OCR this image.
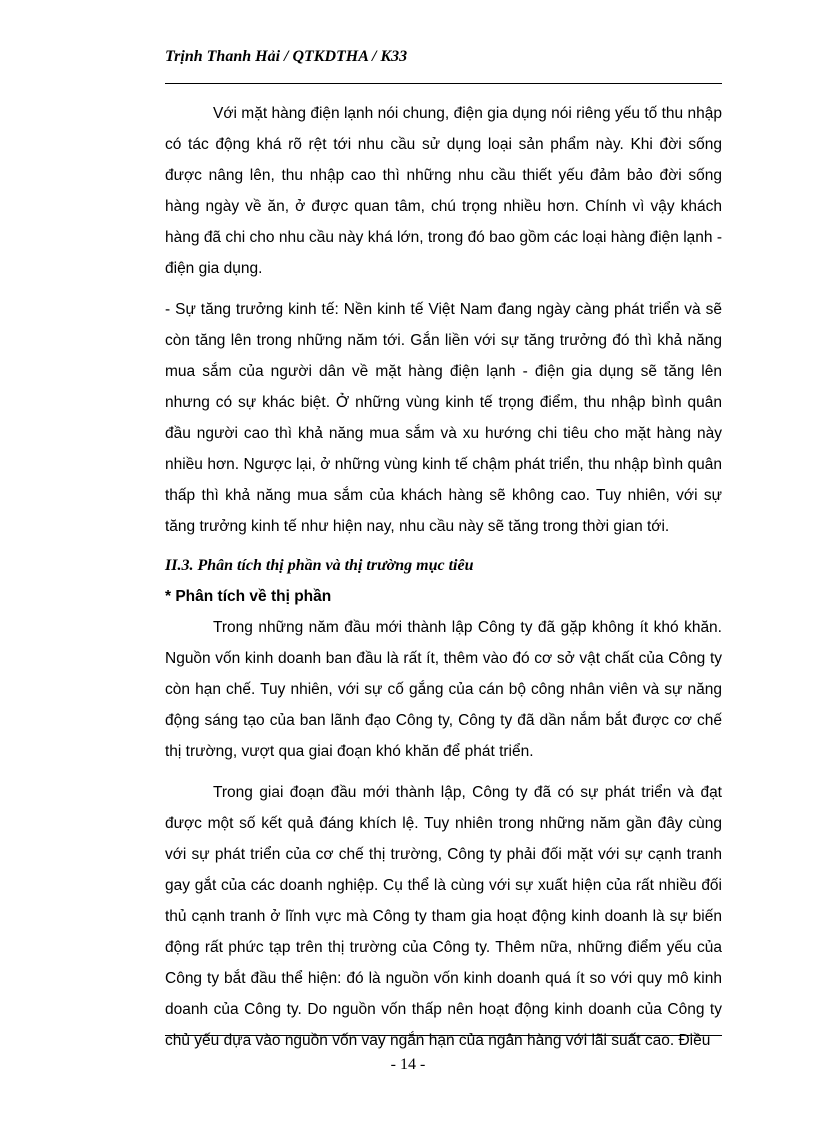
Trịnh Thanh Hải / QTKDTHA / K33

Với mặt hàng điện lạnh nói chung, điện gia dụng nói riêng yếu tố thu nhập có tác động khá rõ rệt tới nhu cầu sử dụng loại sản phẩm này. Khi đời sống được nâng lên, thu nhập cao thì những nhu cầu thiết yếu đảm bảo đời sống hàng ngày về ăn, ở được quan tâm, chú trọng nhiều hơn. Chính vì vậy khách hàng đã chi cho nhu cầu này khá lớn, trong đó bao gồm các loại hàng điện lạnh - điện gia dụng.

- Sự tăng trưởng kinh tế: Nền kinh tế Việt Nam đang ngày càng phát triển và sẽ còn tăng lên trong những năm tới. Gắn liền với sự tăng trưởng đó thì khả năng mua sắm của người dân về mặt hàng điện lạnh - điện gia dụng sẽ tăng lên nhưng có sự khác biệt. Ở những vùng kinh tế trọng điểm, thu nhập bình quân đầu người cao thì khả năng mua sắm và xu hướng chi tiêu cho mặt hàng này nhiều hơn. Ngược lại, ở những vùng kinh tế chậm phát triển, thu nhập bình quân thấp thì khả năng mua sắm của khách hàng sẽ không cao. Tuy nhiên, với sự tăng trưởng kinh tế như hiện nay, nhu cầu này sẽ tăng trong thời gian tới.

II.3. Phân tích thị phần và thị trường mục tiêu

* Phân tích về thị phần

Trong những năm đầu mới thành lập Công ty đã gặp không ít khó khăn. Nguồn vốn kinh doanh ban đầu là rất ít, thêm vào đó cơ sở vật chất của Công ty còn hạn chế. Tuy nhiên, với sự cố gắng của cán bộ công nhân viên và sự năng động sáng tạo của ban lãnh đạo Công ty, Công ty đã dần nắm bắt được cơ chế thị trường, vượt qua giai đoạn khó khăn để phát triển.

Trong giai đoạn đầu mới thành lập, Công ty đã có sự phát triển và đạt được một số kết quả đáng khích lệ. Tuy nhiên trong những năm gần đây cùng với sự phát triển của cơ chế thị trường, Công ty phải đối mặt với sự cạnh tranh gay gắt của các doanh nghiệp. Cụ thể là cùng với sự xuất hiện của rất nhiều đối thủ cạnh tranh ở lĩnh vực mà Công ty tham gia hoạt động kinh doanh là sự biến động rất phức tạp trên thị trường của Công ty. Thêm nữa, những điểm yếu của Công ty bắt đầu thể hiện: đó là nguồn vốn kinh doanh quá ít so với quy mô kinh doanh của Công ty. Do nguồn vốn thấp nên hoạt động kinh doanh của Công ty chủ yếu dựa vào nguồn vốn vay ngắn hạn của ngân hàng với lãi suất cao. Điều

- 14 -
